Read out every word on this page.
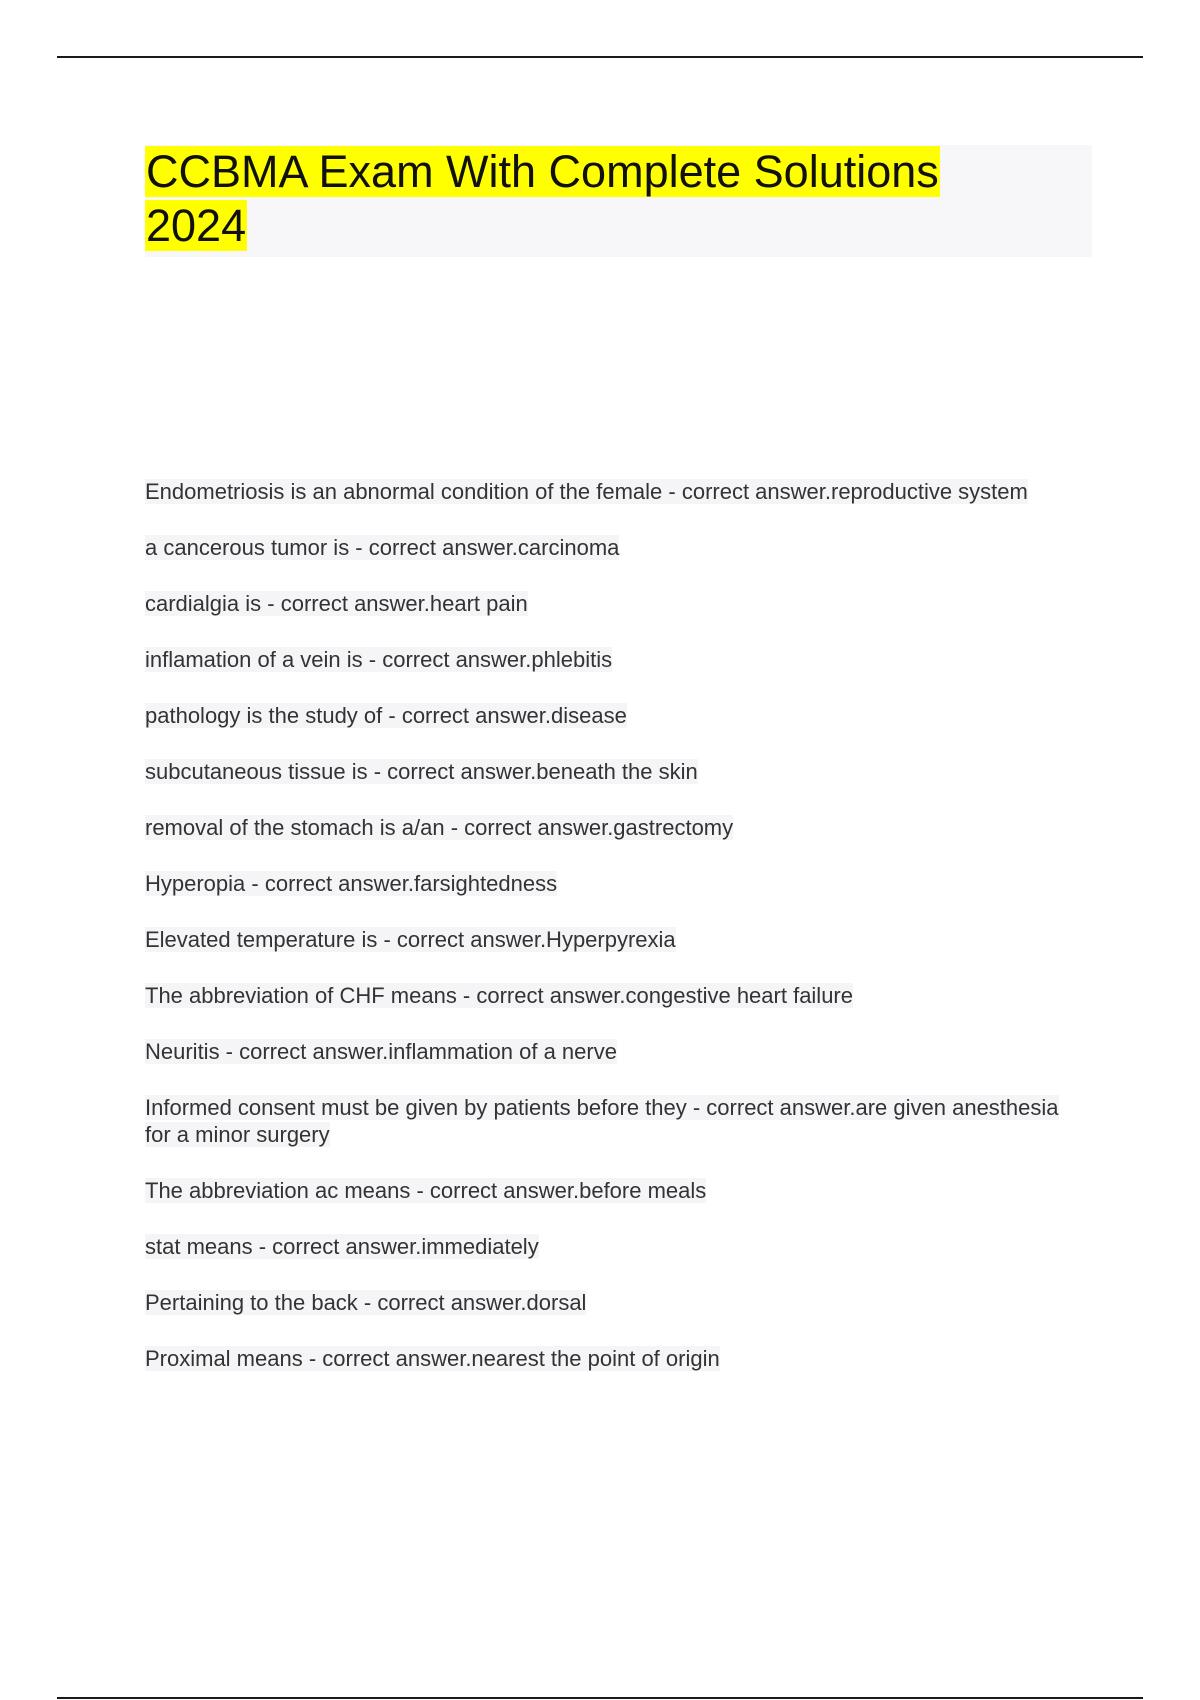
CCBMA Exam With Complete Solutions 2024
Endometriosis is an abnormal condition of the female - correct answer.reproductive system
a cancerous tumor is - correct answer.carcinoma
cardialgia is - correct answer.heart pain
inflamation of a vein is - correct answer.phlebitis
pathology is the study of - correct answer.disease
subcutaneous tissue is - correct answer.beneath the skin
removal of the stomach is a/an - correct answer.gastrectomy
Hyperopia - correct answer.farsightedness
Elevated temperature is - correct answer.Hyperpyrexia
The abbreviation of CHF means - correct answer.congestive heart failure
Neuritis - correct answer.inflammation of a nerve
Informed consent must be given by patients before they - correct answer.are given anesthesia for a minor surgery
The abbreviation ac means - correct answer.before meals
stat means - correct answer.immediately
Pertaining to the back - correct answer.dorsal
Proximal means - correct answer.nearest the point of origin
